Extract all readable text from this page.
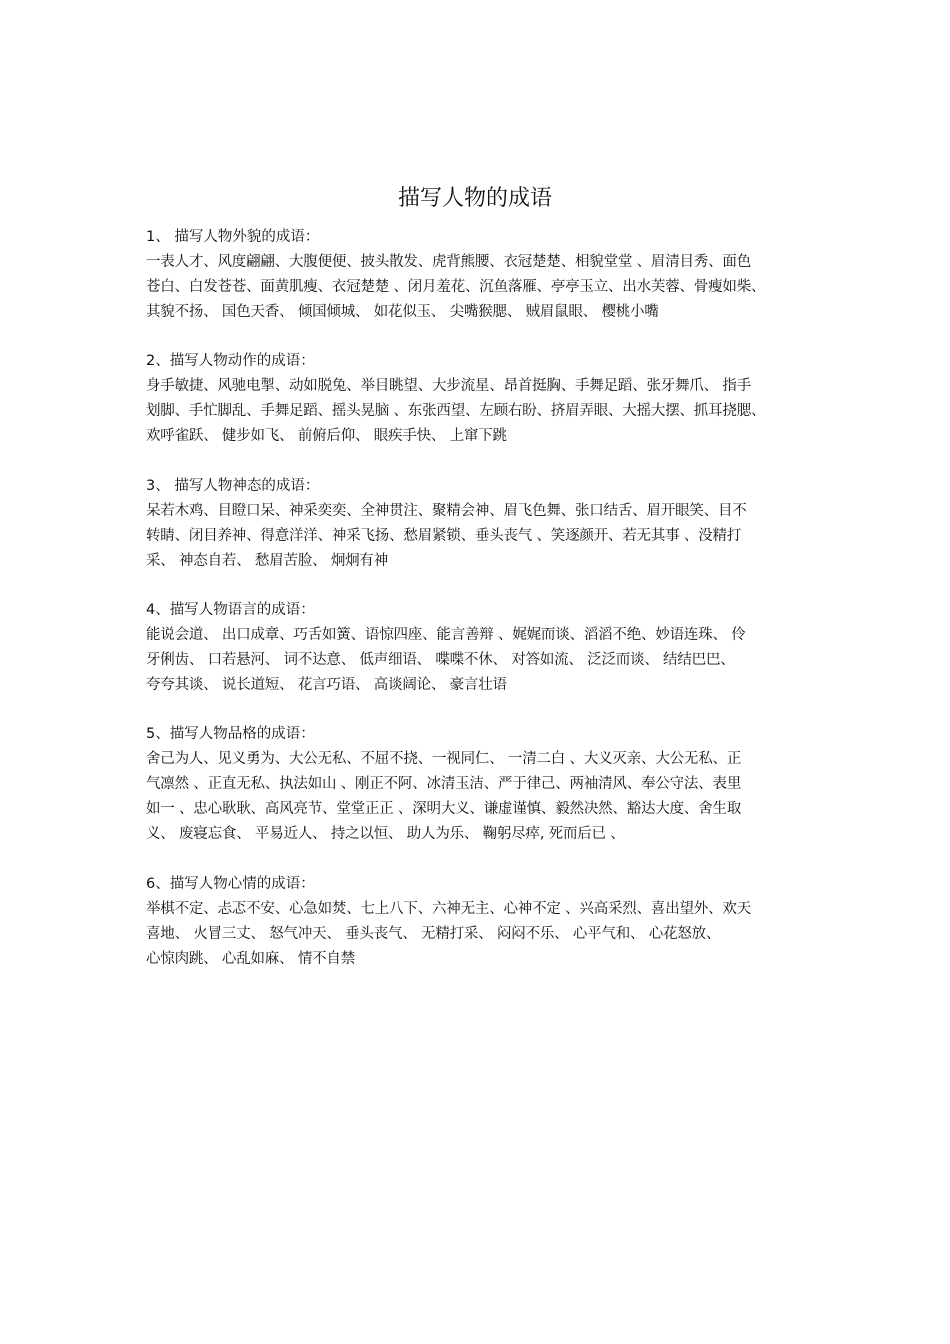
描写人物的成语

1、 描写人物外貌的成语：

一表人才、风度翩翩、大腹便便、披头散发、虎背熊腰、衣冠楚楚、相貌堂堂 、眉清目秀、面色

苍白、白发苍苍、面黄肌瘦、衣冠楚楚 、闭月羞花、沉鱼落雁、亭亭玉立、出水芙蓉、骨瘦如柴、

其貌不扬、 国色天香、 倾国倾城、 如花似玉、 尖嘴猴腮、 贼眉鼠眼、 樱桃小嘴

2、描写人物动作的成语：

身手敏捷、风驰电掣、动如脱兔、举目眺望、大步流星、昂首挺胸、手舞足蹈、张牙舞爪、 指手

划脚、手忙脚乱、手舞足蹈、摇头晃脑 、东张西望、左顾右盼、挤眉弄眼、大摇大摆、抓耳挠腮、

欢呼雀跃、 健步如飞、 前俯后仰、 眼疾手快、 上窜下跳

3、 描写人物神态的成语：

呆若木鸡、目瞪口呆、神采奕奕、全神贯注、聚精会神、眉飞色舞、张口结舌、眉开眼笑、目不

转睛、闭目养神、得意洋洋、神采飞扬、愁眉紧锁、垂头丧气 、笑逐颜开、若无其事 、没精打

采、 神态自若、 愁眉苦脸、 炯炯有神

4、描写人物语言的成语：

能说会道、 出口成章、巧舌如簧、语惊四座、能言善辩 、娓娓而谈、滔滔不绝、妙语连珠、 伶

牙俐齿、 口若悬河、 词不达意、 低声细语、 喋喋不休、 对答如流、 泛泛而谈、 结结巴巴、

夸夸其谈、 说长道短、 花言巧语、 高谈阔论、 豪言壮语

5、描写人物品格的成语：

舍己为人、见义勇为、大公无私、不屈不挠、一视同仁、 一清二白 、大义灭亲、大公无私、正

气凛然 、正直无私、执法如山 、刚正不阿、冰清玉洁、严于律己、两袖清风、奉公守法、表里

如一 、忠心耿耿、高风亮节、堂堂正正 、深明大义、谦虚谨慎、毅然决然、豁达大度、舍生取

义、 废寝忘食、 平易近人、 持之以恒、 助人为乐、 鞠躬尽瘁, 死而后已 、

6、描写人物心情的成语：

举棋不定、忐忑不安、心急如焚、七上八下、六神无主、心神不定 、兴高采烈、喜出望外、欢天

喜地、 火冒三丈、 怒气冲天、 垂头丧气、 无精打采、 闷闷不乐、 心平气和、 心花怒放、

心惊肉跳、 心乱如麻、 情不自禁
